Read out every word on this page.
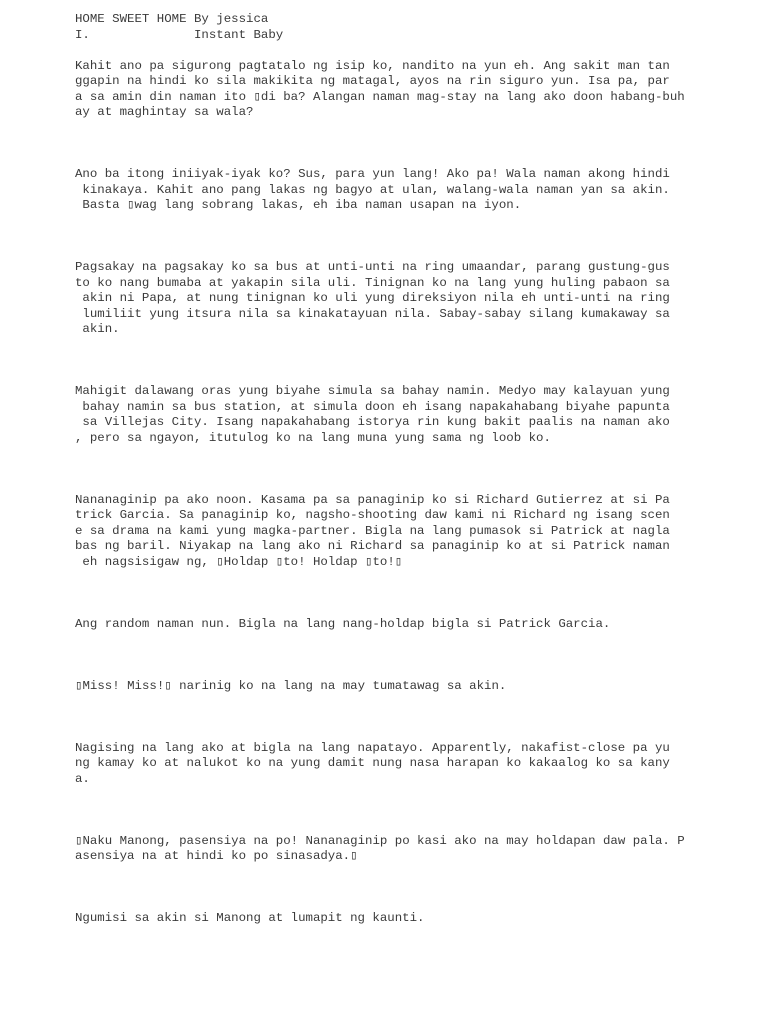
HOME SWEET HOME By jessica
I.              Instant Baby
Kahit ano pa sigurong pagtatalo ng isip ko, nandito na yun eh. Ang sakit man tan
ggapin na hindi ko sila makikita ng matagal, ayos na rin siguro yun. Isa pa, par
a sa amin din naman ito ▯di ba? Alangan naman mag-stay na lang ako doon habang-buh
ay at maghintay sa wala?
Ano ba itong iniiyak-iyak ko? Sus, para yun lang! Ako pa! Wala naman akong hindi
kinakaya. Kahit ano pang lakas ng bagyo at ulan, walang-wala naman yan sa akin.
Basta ▯wag lang sobrang lakas, eh iba naman usapan na iyon.
Pagsakay na pagsakay ko sa bus at unti-unti na ring umaandar, parang gustung-gus
to ko nang bumaba at yakapin sila uli. Tinignan ko na lang yung huling pabaon sa
akin ni Papa, at nung tinignan ko uli yung direksiyon nila eh unti-unti na ring
lumiliit yung itsura nila sa kinakatayuan nila. Sabay-sabay silang kumakaway sa
akin.
Mahigit dalawang oras yung biyahe simula sa bahay namin. Medyo may kalayuan yung
bahay namin sa bus station, at simula doon eh isang napakahabang biyahe papunta
sa Villejas City. Isang napakahabang istorya rin kung bakit paalis na naman ako
, pero sa ngayon, itutulog ko na lang muna yung sama ng loob ko.
Nananaginip pa ako noon. Kasama pa sa panaginip ko si Richard Gutierrez at si Pa
trick Garcia. Sa panaginip ko, nagsho-shooting daw kami ni Richard ng isang scen
e sa drama na kami yung magka-partner. Bigla na lang pumasok si Patrick at nagla
bas ng baril. Niyakap na lang ako ni Richard sa panaginip ko at si Patrick naman
eh nagsisigaw ng, ▯Holdap ▯to! Holdap ▯to!▯
Ang random naman nun. Bigla na lang nang-holdap bigla si Patrick Garcia.
▯Miss! Miss!▯ narinig ko na lang na may tumatawag sa akin.
Nagising na lang ako at bigla na lang napatayo. Apparently, nakafist-close pa yu
ng kamay ko at nalukot ko na yung damit nung nasa harapan ko kakaalog ko sa kany
a.
▯Naku Manong, pasensiya na po! Nananaginip po kasi ako na may holdapan daw pala. P
asensiya na at hindi ko po sinasadya.▯
Ngumisi sa akin si Manong at lumapit ng kaunti.
